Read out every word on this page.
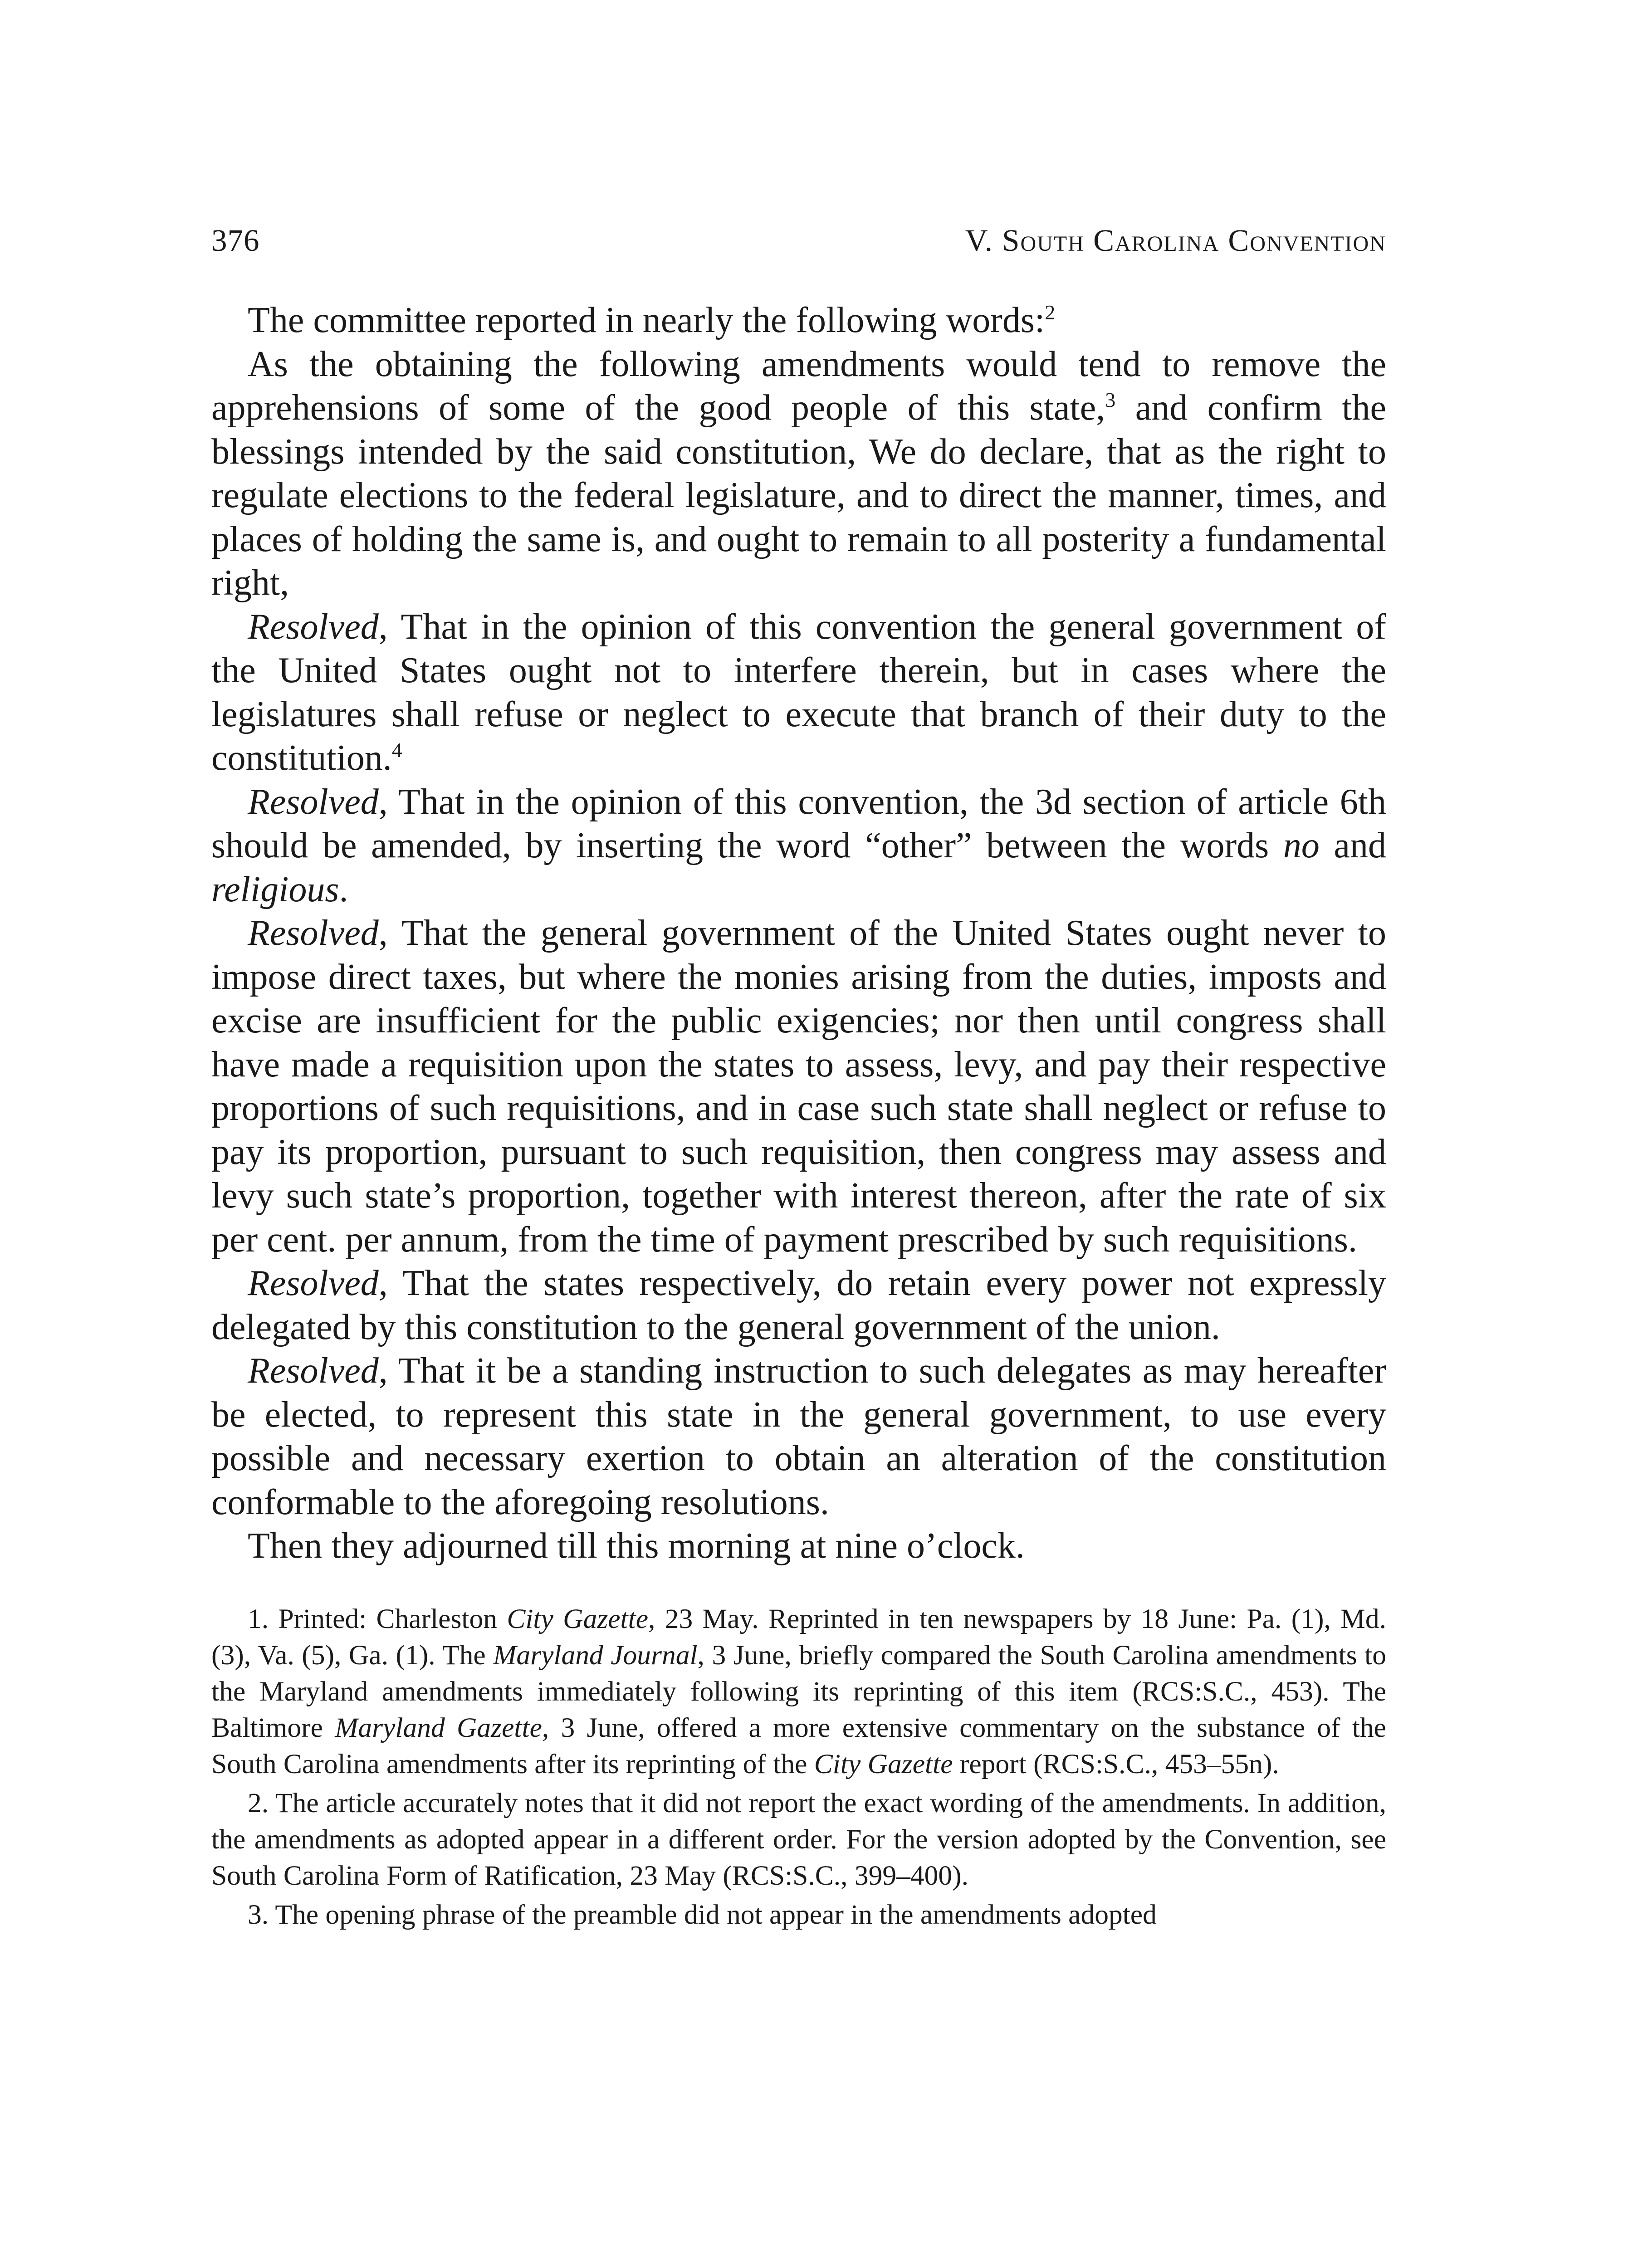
376	V. South Carolina Convention

The committee reported in nearly the following words:$^2$

As the obtaining the following amendments would tend to remove the apprehensions of some of the good people of this state,$^3$ and confirm the blessings intended by the said constitution, We do declare, that as the right to regulate elections to the federal legislature, and to direct the manner, times, and places of holding the same is, and ought to remain to all posterity a fundamental right,

Resolved, That in the opinion of this convention the general government of the United States ought not to interfere therein, but in cases where the legislatures shall refuse or neglect to execute that branch of their duty to the constitution.$^4$

Resolved, That in the opinion of this convention, the 3d section of article 6th should be amended, by inserting the word “other” between the words no and religious.

Resolved, That the general government of the United States ought never to impose direct taxes, but where the monies arising from the duties, imposts and excise are insufficient for the public exigencies; nor then until congress shall have made a requisition upon the states to assess, levy, and pay their respective proportions of such requisitions, and in case such state shall neglect or refuse to pay its proportion, pursuant to such requisition, then congress may assess and levy such state’s proportion, together with interest thereon, after the rate of six per cent. per annum, from the time of payment prescribed by such requisitions.

Resolved, That the states respectively, do retain every power not expressly delegated by this constitution to the general government of the union.

Resolved, That it be a standing instruction to such delegates as may hereafter be elected, to represent this state in the general government, to use every possible and necessary exertion to obtain an alteration of the constitution conformable to the aforegoing resolutions.

Then they adjourned till this morning at nine o’clock.

1. Printed: Charleston City Gazette, 23 May. Reprinted in ten newspapers by 18 June: Pa. (1), Md. (3), Va. (5), Ga. (1). The Maryland Journal, 3 June, briefly compared the South Carolina amendments to the Maryland amendments immediately following its reprinting of this item (RCS:S.C., 453). The Baltimore Maryland Gazette, 3 June, offered a more extensive commentary on the substance of the South Carolina amendments after its reprinting of the City Gazette report (RCS:S.C., 453–55n).

2. The article accurately notes that it did not report the exact wording of the amendments. In addition, the amendments as adopted appear in a different order. For the version adopted by the Convention, see South Carolina Form of Ratification, 23 May (RCS:S.C., 399–400).

3. The opening phrase of the preamble did not appear in the amendments adopted
